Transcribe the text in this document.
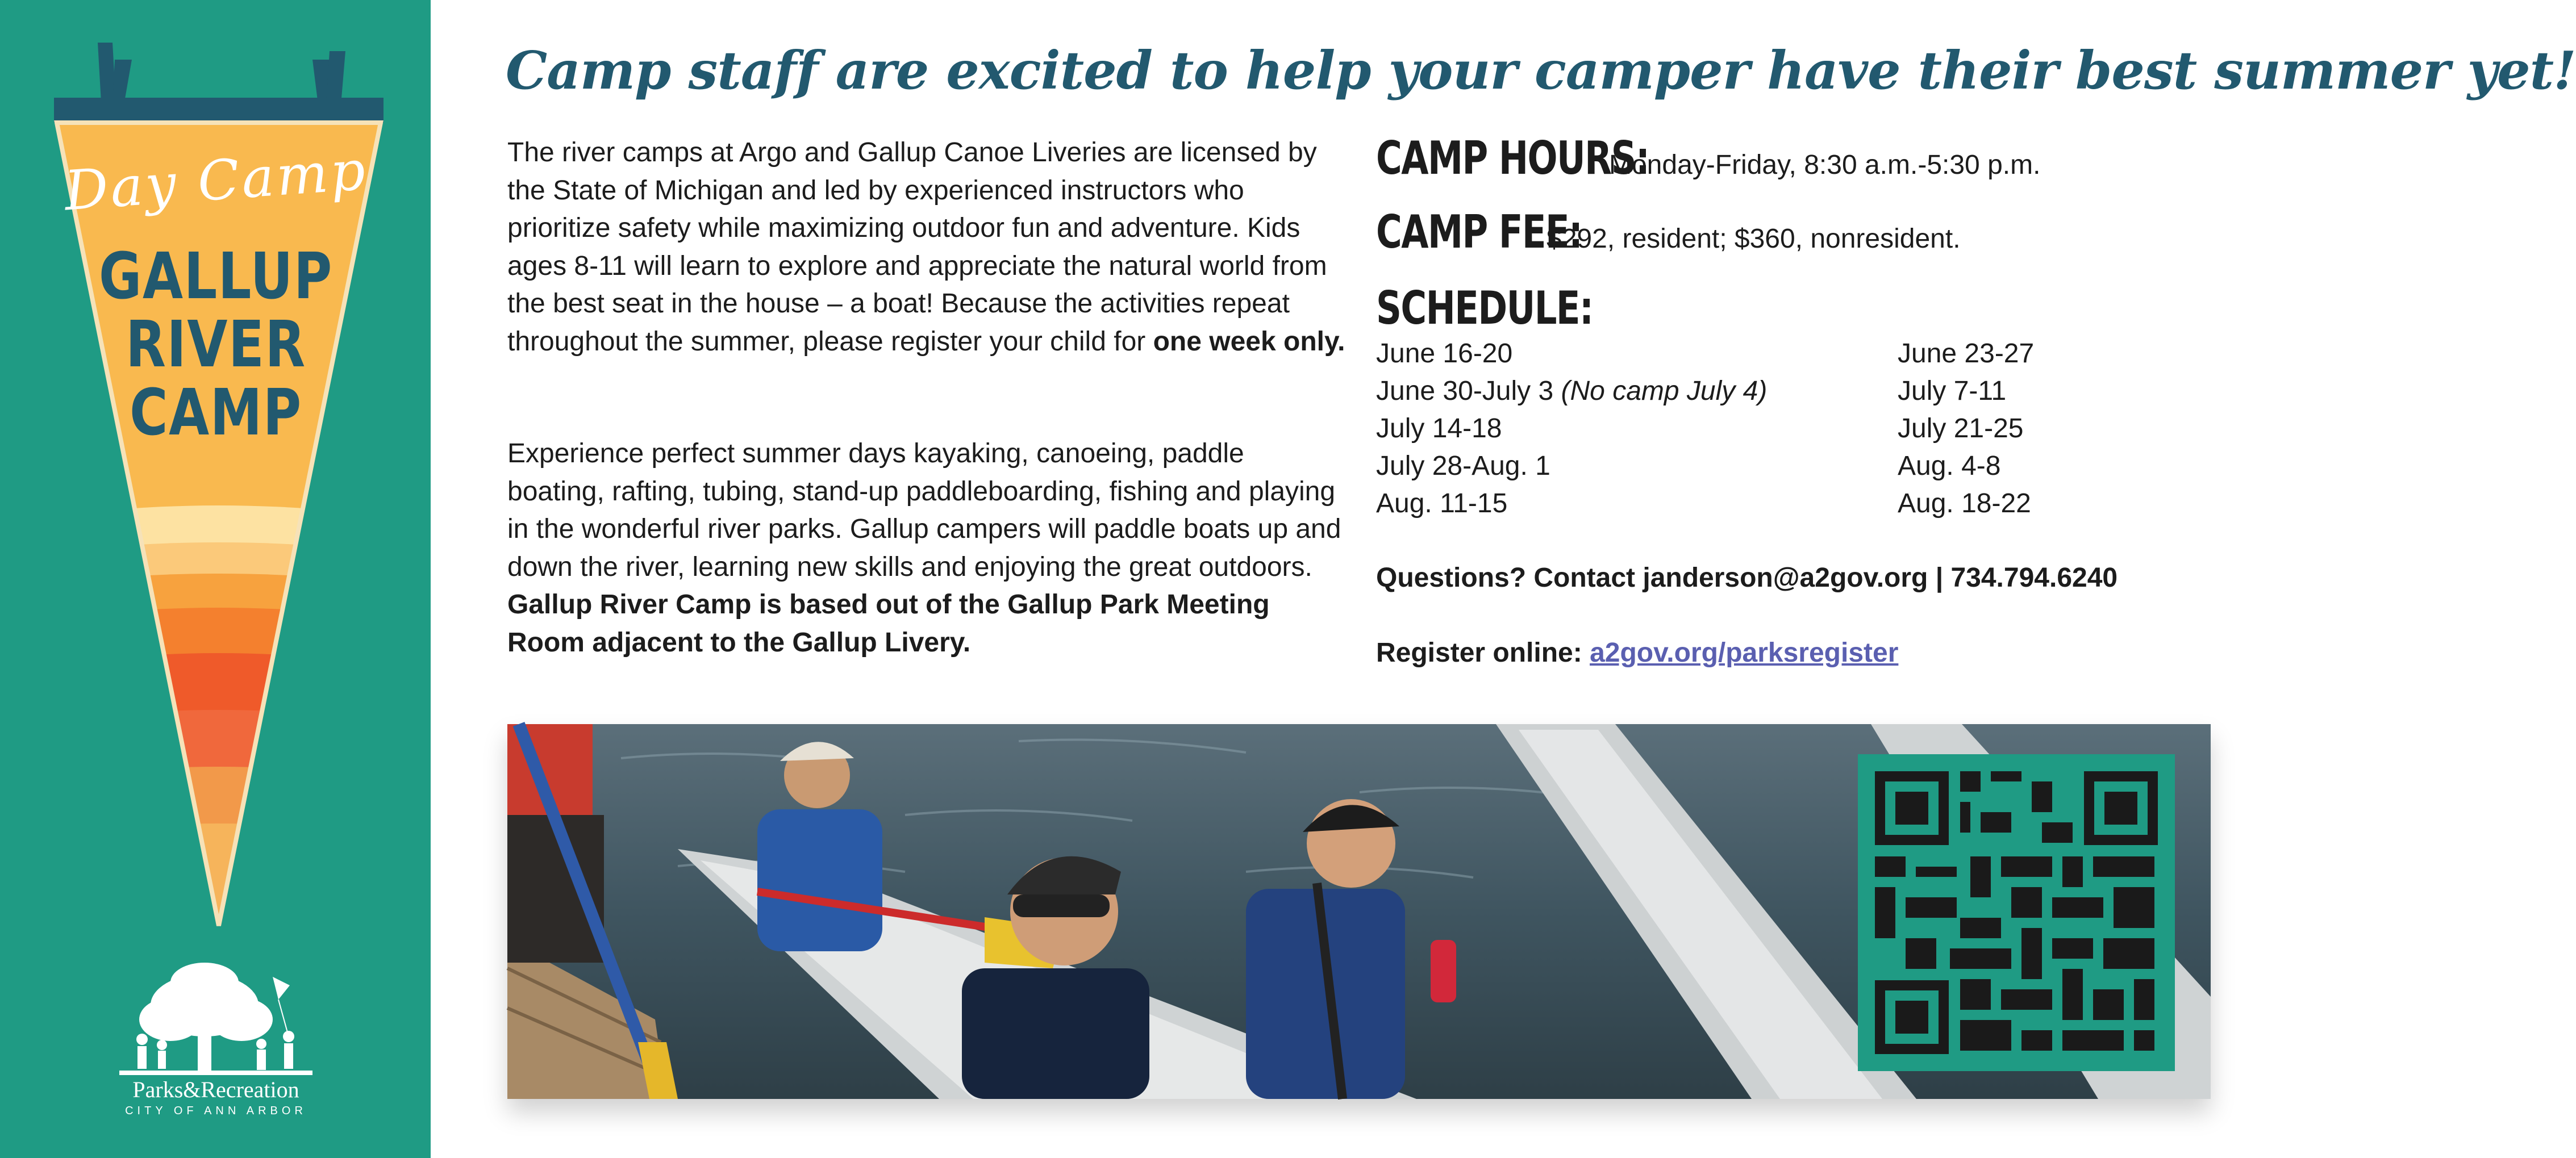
Day Camp
GALLUP
RIVER
CAMP
Parks&Recreation
CITY OF ANN ARBOR
Camp staff are excited to help your camper have their best summer yet!
The river camps at Argo and Gallup Canoe Liveries are licensed by the State of Michigan and led by experienced instructors who prioritize safety while maximizing outdoor fun and adventure. Kids ages 8-11 will learn to explore and appreciate the natural world from the best seat in the house – a boat! Because the activities repeat throughout the summer, please register your child for one week only.
Experience perfect summer days kayaking, canoeing, paddle boating, rafting, tubing, stand-up paddleboarding, fishing and playing in the wonderful river parks. Gallup campers will paddle boats up and down the river, learning new skills and enjoying the great outdoors. Gallup River Camp is based out of the Gallup Park Meeting Room adjacent to the Gallup Livery.
CAMP HOURS:Monday-Friday, 8:30 a.m.-5:30 p.m.
CAMP FEE:$292, resident; $360, nonresident.
SCHEDULE:
June 16-20
June 30-July 3 (No camp July 4)
July 14-18
July 28-Aug. 1
Aug. 11-15
June 23-27
July 7-11
July 21-25
Aug. 4-8
Aug. 18-22
Questions? Contact janderson@a2gov.org | 734.794.6240
Register online: a2gov.org/parksregister
